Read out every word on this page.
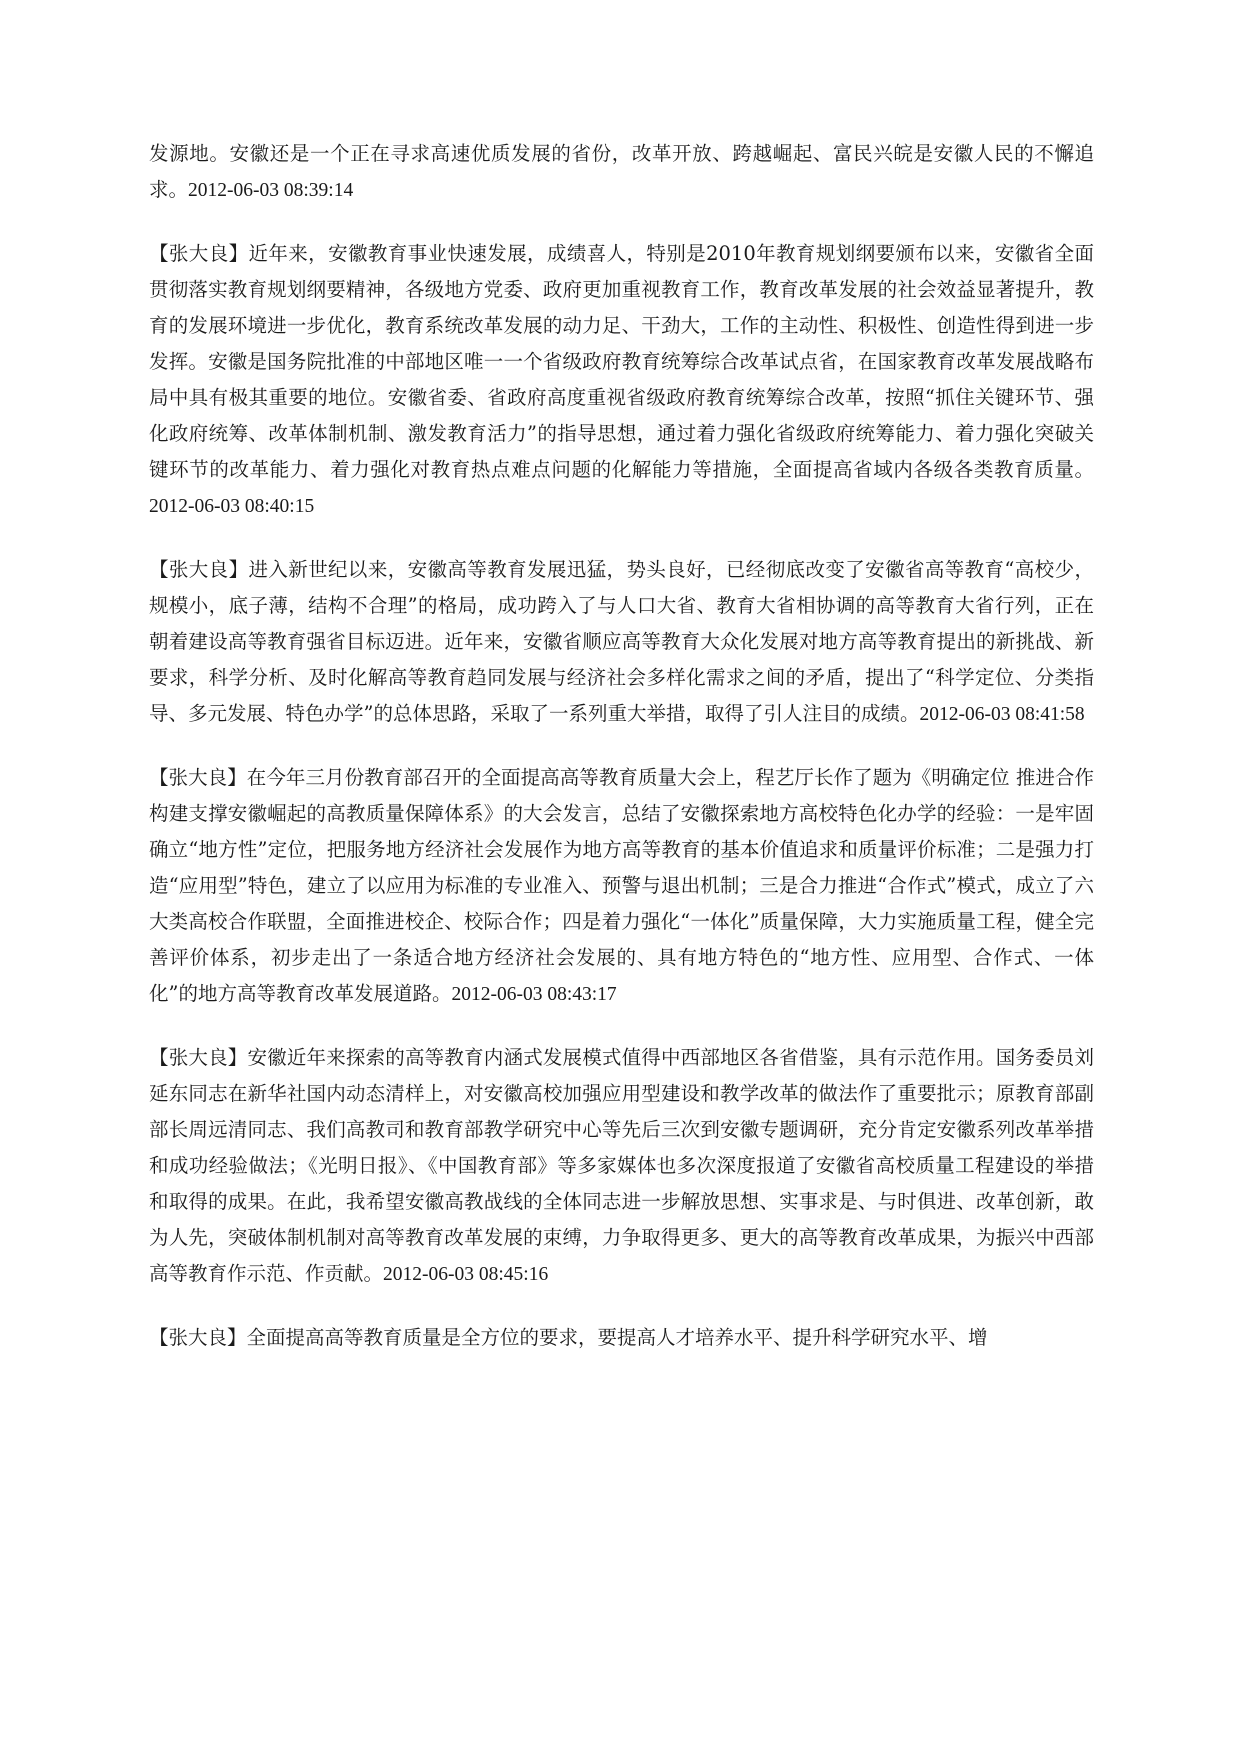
发源地。安徽还是一个正在寻求高速优质发展的省份，改革开放、跨越崛起、富民兴皖是安徽人民的不懈追求。2012-06-03 08:39:14

【张大良】近年来，安徽教育事业快速发展，成绩喜人，特别是2010年教育规划纲要颁布以来，安徽省全面贯彻落实教育规划纲要精神，各级地方党委、政府更加重视教育工作，教育改革发展的社会效益显著提升，教育的发展环境进一步优化，教育系统改革发展的动力足、干劲大，工作的主动性、积极性、创造性得到进一步发挥。安徽是国务院批准的中部地区唯一一个省级政府教育统筹综合改革试点省，在国家教育改革发展战略布局中具有极其重要的地位。安徽省委、省政府高度重视省级政府教育统筹综合改革，按照“抓住关键环节、强化政府统筹、改革体制机制、激发教育活力”的指导思想，通过着力强化省级政府统筹能力、着力强化突破关键环节的改革能力、着力强化对教育热点难点问题的化解能力等措施，全面提高省域内各级各类教育质量。2012-06-03 08:40:15

【张大良】进入新世纪以来，安徽高等教育发展迅猛，势头良好，已经彻底改变了安徽省高等教育“高校少，规模小，底子薄，结构不合理”的格局，成功跨入了与人口大省、教育大省相协调的高等教育大省行列，正在朝着建设高等教育强省目标迈进。近年来，安徽省顺应高等教育大众化发展对地方高等教育提出的新挑战、新要求，科学分析、及时化解高等教育趋同发展与经济社会多样化需求之间的矛盾，提出了“科学定位、分类指导、多元发展、特色办学”的总体思路，采取了一系列重大举措，取得了引人注目的成绩。2012-06-03 08:41:58

【张大良】在今年三月份教育部召开的全面提高高等教育质量大会上，程艺厅长作了题为《明确定位 推进合作构建支撑安徽崛起的高教质量保障体系》的大会发言，总结了安徽探索地方高校特色化办学的经验：一是牢固确立“地方性”定位，把服务地方经济社会发展作为地方高等教育的基本价值追求和质量评价标准；二是强力打造“应用型”特色，建立了以应用为标准的专业准入、预警与退出机制；三是合力推进“合作式”模式，成立了六大类高校合作联盟，全面推进校企、校际合作；四是着力强化“一体化”质量保障，大力实施质量工程，健全完善评价体系，初步走出了一条适合地方经济社会发展的、具有地方特色的“地方性、应用型、合作式、一体化”的地方高等教育改革发展道路。2012-06-03 08:43:17

【张大良】安徽近年来探索的高等教育内涵式发展模式值得中西部地区各省借鉴，具有示范作用。国务委员刘延东同志在新华社国内动态清样上，对安徽高校加强应用型建设和教学改革的做法作了重要批示；原教育部副部长周远清同志、我们高教司和教育部教学研究中心等先后三次到安徽专题调研，充分肯定安徽系列改革举措和成功经验做法；《光明日报》、《中国教育部》等多家媒体也多次深度报道了安徽省高校质量工程建设的举措和取得的成果。在此，我希望安徽高教战线的全体同志进一步解放思想、实事求是、与时俱进、改革创新，敢为人先，突破体制机制对高等教育改革发展的束缚，力争取得更多、更大的高等教育改革成果，为振兴中西部高等教育作示范、作贡献。2012-06-03 08:45:16

【张大良】全面提高高等教育质量是全方位的要求，要提高人才培养水平、提升科学研究水平、增
